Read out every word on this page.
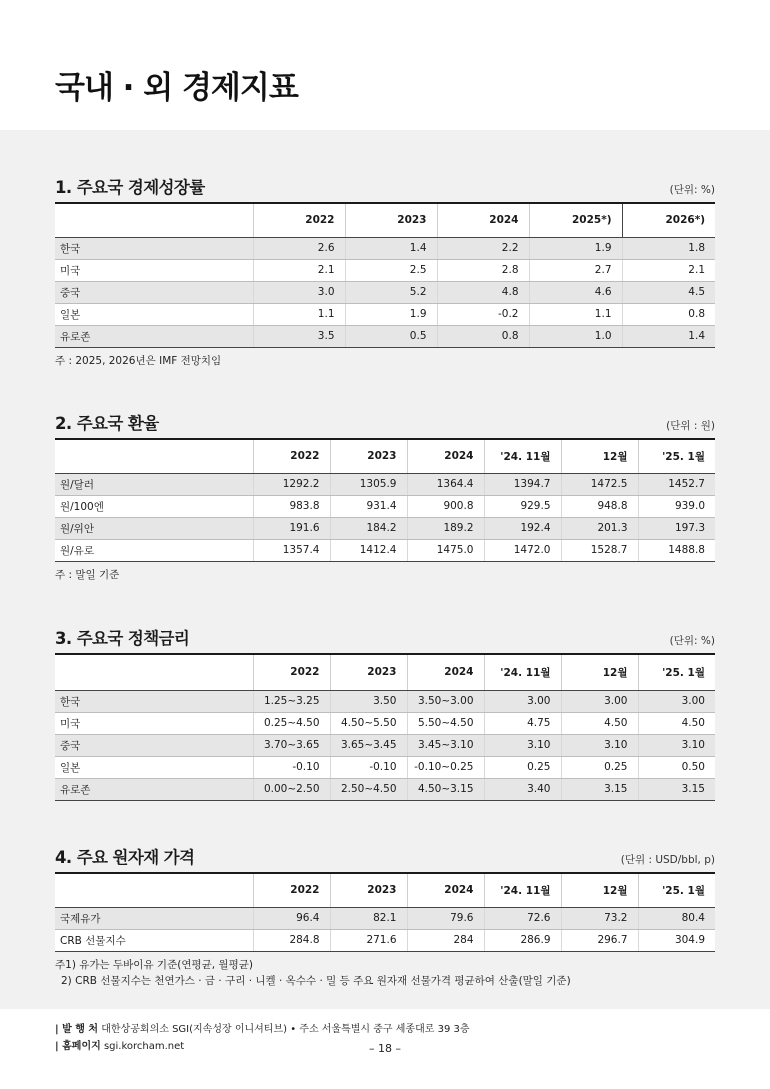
국내 · 외 경제지표
1. 주요국 경제성장률	(단위: %)
	2022	2023	2024	2025*)	2026*)
한국	2.6	1.4	2.2	1.9	1.8
미국	2.1	2.5	2.8	2.7	2.1
중국	3.0	5.2	4.8	4.6	4.5
일본	1.1	1.9	-0.2	1.1	0.8
유로존	3.5	0.5	0.8	1.0	1.4
주 : 2025, 2026년은 IMF 전망치임
2. 주요국 환율	(단위 : 원)
	2022	2023	2024	'24. 11월	12월	'25. 1월
원/달러	1292.2	1305.9	1364.4	1394.7	1472.5	1452.7
원/100엔	983.8	931.4	900.8	929.5	948.8	939.0
원/위안	191.6	184.2	189.2	192.4	201.3	197.3
원/유로	1357.4	1412.4	1475.0	1472.0	1528.7	1488.8
주 : 말일 기준
3. 주요국 정책금리	(단위: %)
	2022	2023	2024	'24. 11월	12월	'25. 1월
한국	1.25~3.25	3.50	3.50~3.00	3.00	3.00	3.00
미국	0.25~4.50	4.50~5.50	5.50~4.50	4.75	4.50	4.50
중국	3.70~3.65	3.65~3.45	3.45~3.10	3.10	3.10	3.10
일본	-0.10	-0.10	-0.10~0.25	0.25	0.25	0.50
유로존	0.00~2.50	2.50~4.50	4.50~3.15	3.40	3.15	3.15
4. 주요 원자재 가격	(단위 : USD/bbl, p)
	2022	2023	2024	'24. 11월	12월	'25. 1월
국제유가	96.4	82.1	79.6	72.6	73.2	80.4
CRB 선물지수	284.8	271.6	284	286.9	296.7	304.9
주1) 유가는 두바이유 기준(연평균, 월평균)
2) CRB 선물지수는 천연가스 · 금 · 구리 · 니켈 · 옥수수 · 밀 등 주요 원자재 선물가격 평균하여 산출(말일 기준)
| 발 행 처 대한상공회의소 SGI(지속성장 이니셔티브) • 주소 서울특별시 중구 세종대로 39 3층
| 홈페이지 sgi.korcham.net	– 18 –
